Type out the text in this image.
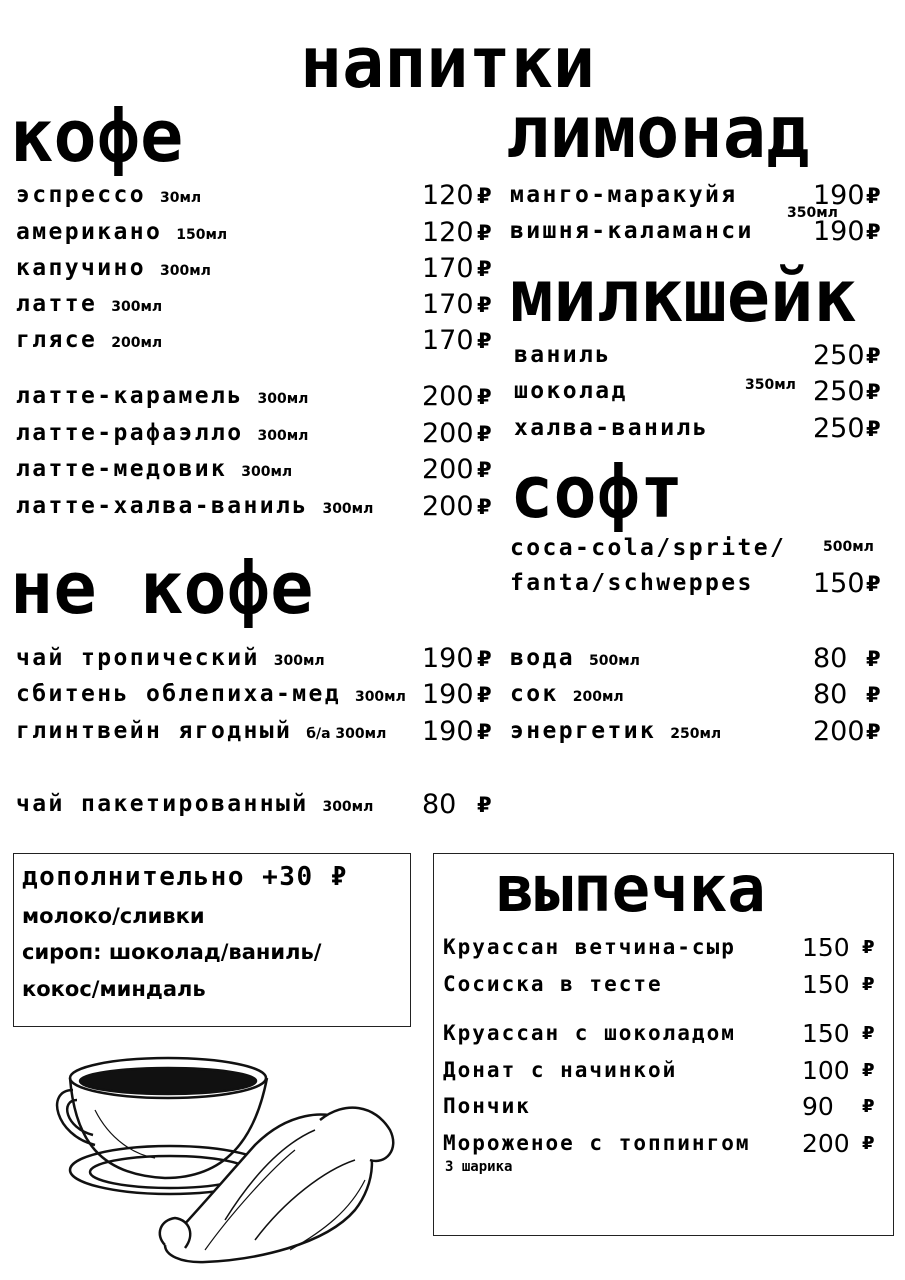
напитки
кофе	лимонад
не кофе
милкшейк
софт
350мл
350мл
500мл
эспрессо 30мл	120 ₽
американо 150мл	120 ₽
капучино 300мл	170 ₽
латте 300мл	170 ₽
глясе 200мл	170 ₽
латте-карамель 300мл	200 ₽
латте-рафаэлло 300мл	200 ₽
латте-медовик 300мл	200 ₽
латте-халва-ваниль 300мл 200 ₽
чай тропический 300мл	190 ₽
сбитень облепиха-мед 300мл 190 ₽
глинтвейн ягодный б/а 300мл 190 ₽
чай пакетированный 300мл 80 ₽
манго-маракуйя	190 ₽
вишня-каламанси 190 ₽
ваниль	250 ₽
шоколад	250 ₽
халва-ваниль	250 ₽
coca-cola/sprite/
fanta/schweppes 150 ₽
вода 500мл	80 ₽
сок 200мл	80 ₽
энергетик 250мл	200 ₽
Круассан ветчина-сыр	150 ₽
Сосиска в тесте	150 ₽
Круассан с шоколадом	150 ₽
Донат с начинкой	100 ₽
Пончик	90 ₽
Мороженое с топпингом 200 ₽
дополнительно +30 ₽
молоко/сливки
сироп: шоколад/ваниль/
кокос/миндаль
выпечка
3 шарика
